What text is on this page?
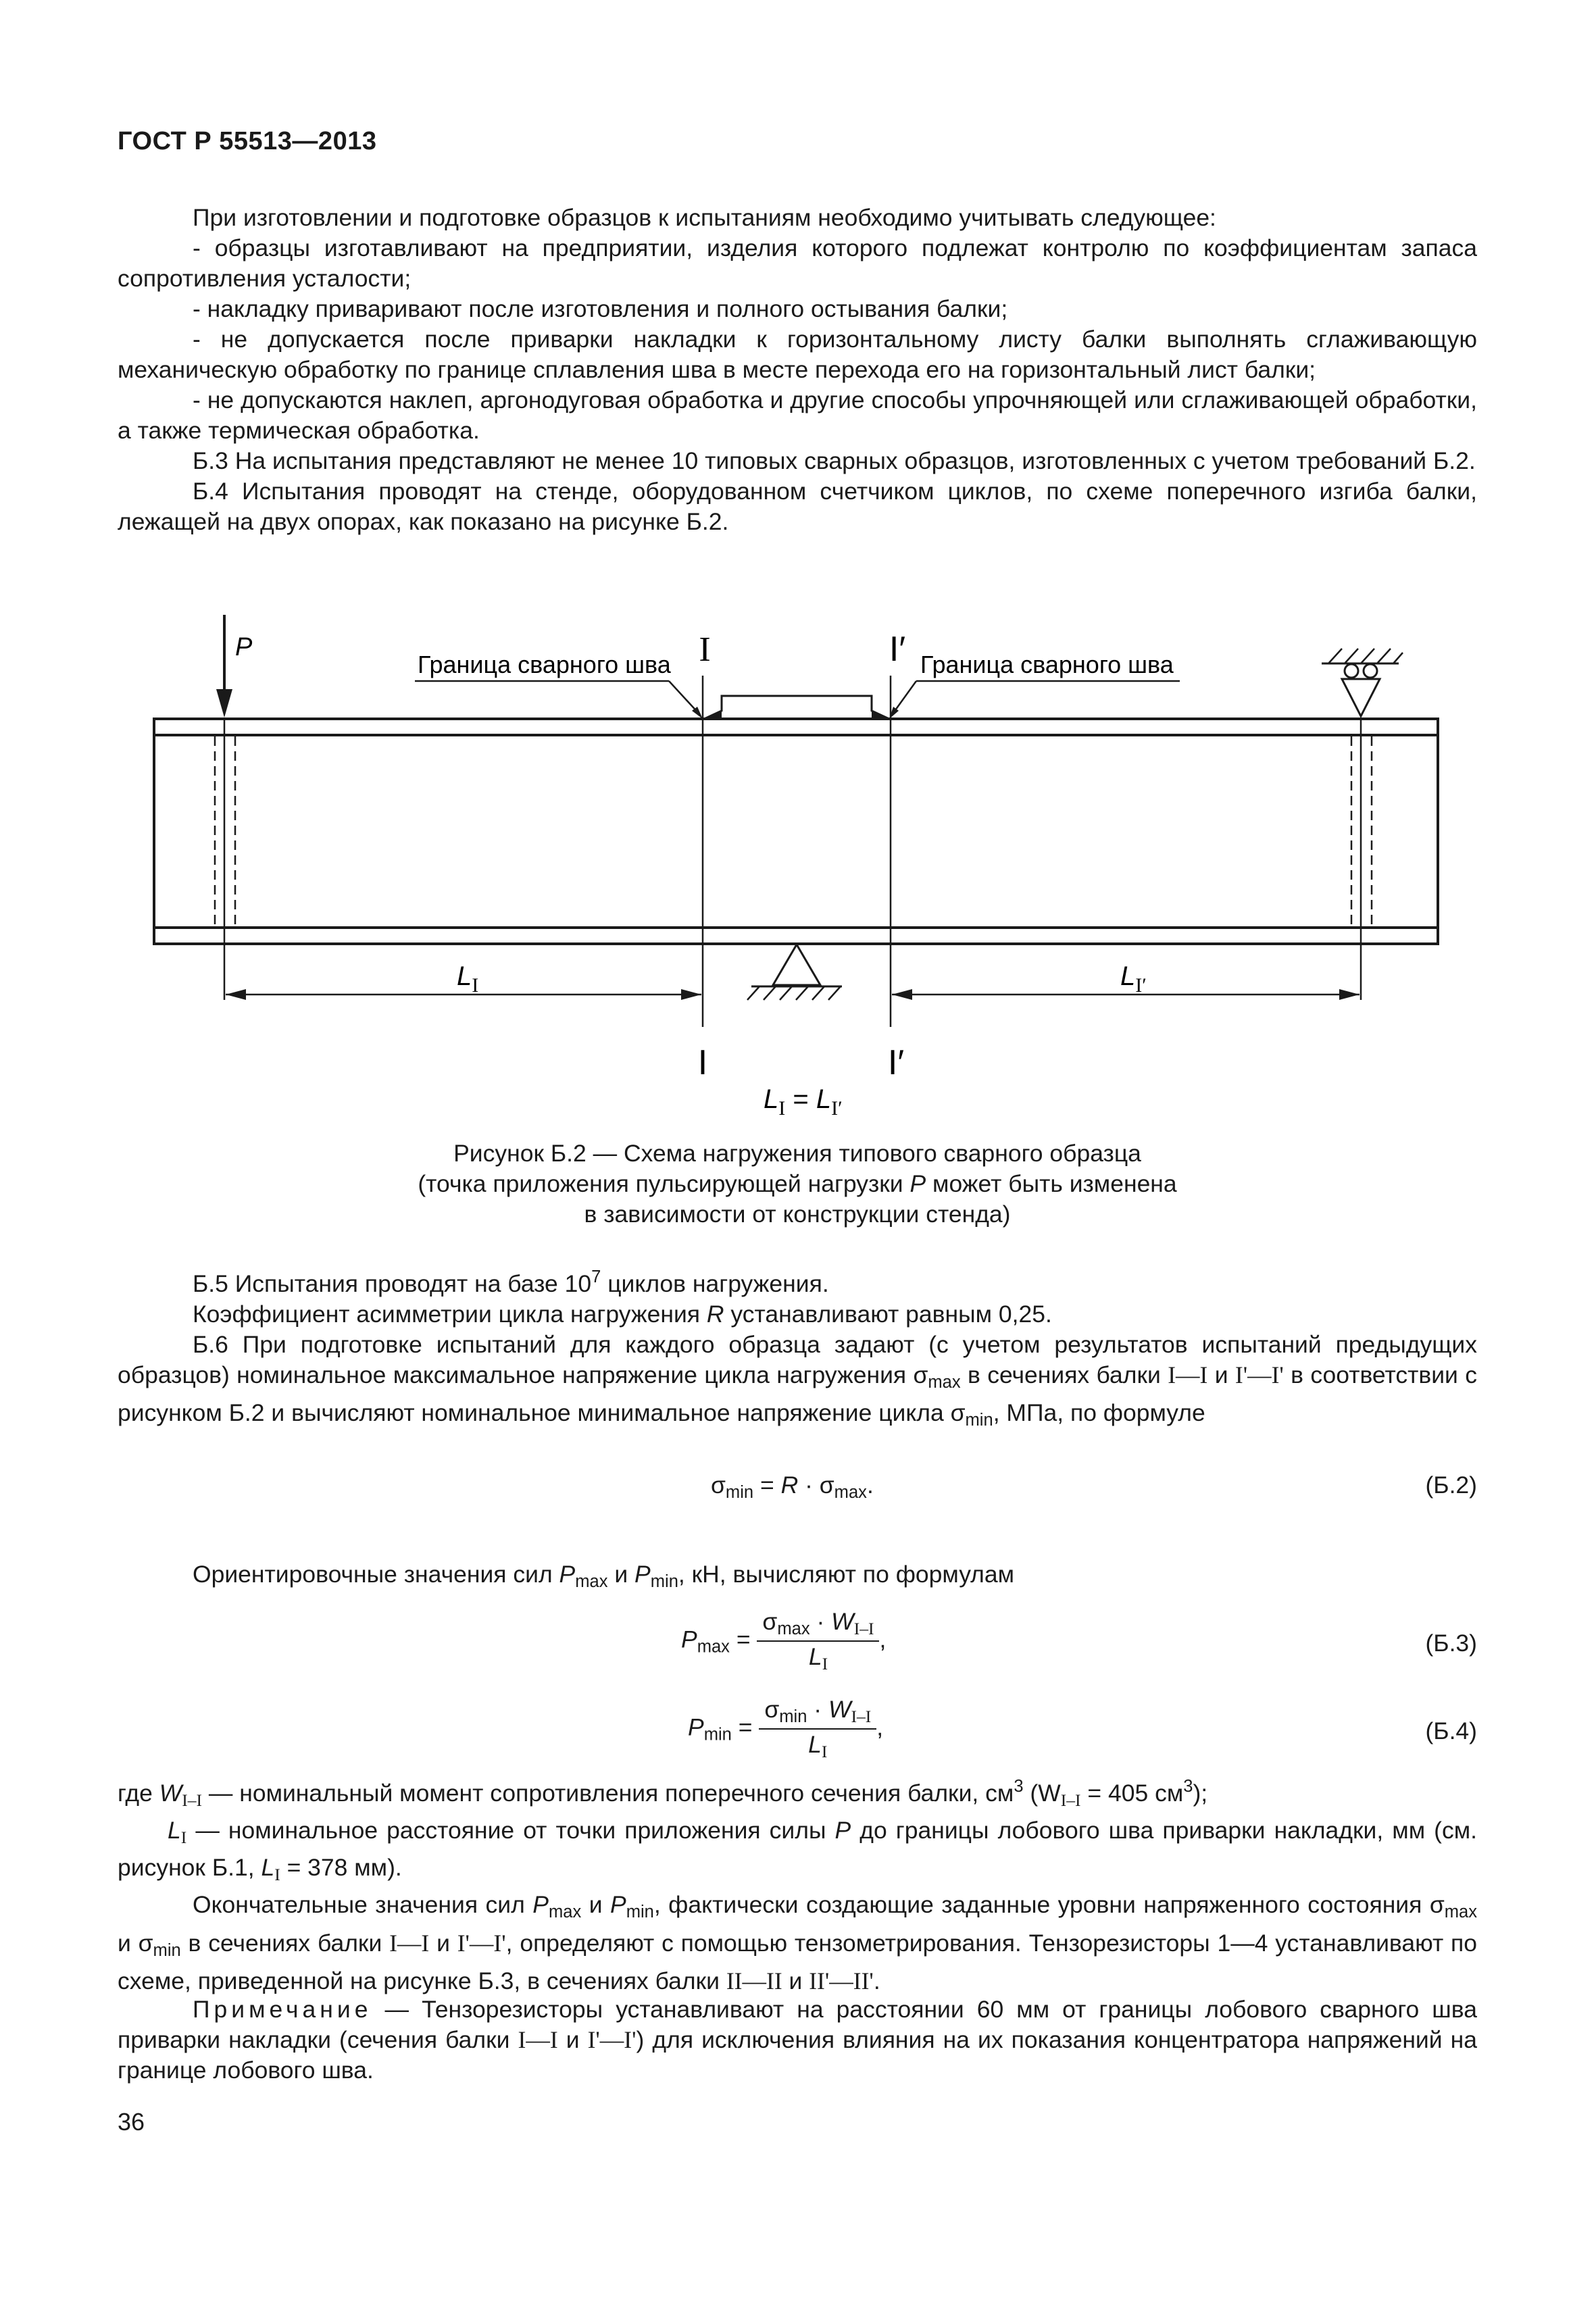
ГОСТ Р 55513—2013

При изготовлении и подготовке образцов к испытаниям необходимо учитывать следующее:

- образцы изготавливают на предприятии, изделия которого подлежат контролю по коэффициентам запаса сопротивления усталости;

- накладку приваривают после изготовления и полного остывания балки;

- не допускается после приварки накладки к горизонтальному листу балки выполнять сглаживающую механическую обработку по границе сплавления шва в месте перехода его на горизонтальный лист балки;

- не допускаются наклеп, аргонодуговая обработка и другие способы упрочняющей или сглаживающей обработки, а также термическая обработка.

Б.3 На испытания представляют не менее 10 типовых сварных образцов, изготовленных с учетом требований Б.2.

Б.4 Испытания проводят на стенде, оборудованном счетчиком циклов, по схеме поперечного изгиба балки, лежащей на двух опорах, как показано на рисунке Б.2.

P	I	I′
Граница сварного шва	Граница сварного шва
$L_I$	$L_{I'}$
I	I′
$L_I = L_{I'}$
Рисунок Б.2 — Схема нагружения типового сварного образца
(точка приложения пульсирующей нагрузки P может быть изменена
в зависимости от конструкции стенда)

Б.5 Испытания проводят на базе $10^7$ циклов нагружения.

Коэффициент асимметрии цикла нагружения R устанавливают равным 0,25.

Б.6 При подготовке испытаний для каждого образца задают (с учетом результатов испытаний предыдущих образцов) номинальное максимальное напряжение цикла нагружения $\sigma_{max}$ в сечениях балки I—I и I'—I' в соответствии с рисунком Б.2 и вычисляют номинальное минимальное напряжение цикла $\sigma_{min}$, МПа, по формуле

$\sigma_{min} = R \cdot \sigma_{max}$.	(Б.2)

Ориентировочные значения сил $P_{max}$ и $P_{min}$, кН, вычисляют по формулам

$P_{max} = \frac{\sigma_{max} \cdot W_{I-I}}{L_I}$ ,	(Б.3)
$P_{min} = \frac{\sigma_{min} \cdot W_{I-I}}{L_I}$ ,	(Б.4)

где $W_{I-I}$ — номинальный момент сопротивления поперечного сечения балки, $см^3$ ($W_{I-I} = 405$ $см^3$);

$L_I$ — номинальное расстояние от точки приложения силы P до границы лобового шва приварки накладки, мм (см. рисунок Б.1, $L_I = 378$ мм).

Окончательные значения сил $P_{max}$ и $P_{min}$, фактически создающие заданные уровни напряженного состояния $\sigma_{max}$ и $\sigma_{min}$ в сечениях балки I—I и I'—I', определяют с помощью тензометрирования. Тензорезисторы 1—4 устанавливают по схеме, приведенной на рисунке Б.3, в сечениях балки II—II и II'—II'.

Примечание — Тензорезисторы устанавливают на расстоянии 60 мм от границы лобового сварного шва приварки накладки (сечения балки I—I и I'—I') для исключения влияния на их показания концентратора напряжений на границе лобового шва.

36
